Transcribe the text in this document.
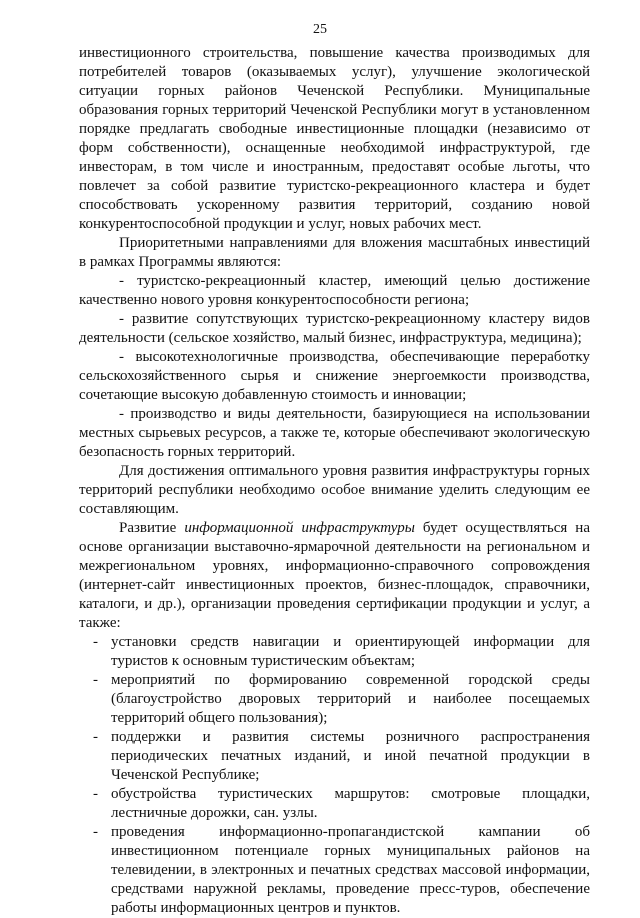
25

инвестиционного строительства, повышение качества производимых для потребителей товаров (оказываемых услуг), улучшение экологической ситуации горных районов Чеченской Республики. Муниципальные образования горных территорий Чеченской Республики могут в установленном порядке предлагать свободные инвестиционные площадки (независимо от форм собственности), оснащенные необходимой инфраструктурой, где инвесторам, в том числе и иностранным, предоставят особые льготы, что повлечет за собой развитие туристско-рекреационного кластера и будет способствовать ускоренному развития территорий, созданию новой конкурентоспособной продукции и услуг, новых рабочих мест.

Приоритетными направлениями для вложения масштабных инвестиций в рамках Программы являются:

- туристско-рекреационный кластер, имеющий целью достижение качественно нового уровня конкурентоспособности региона;

- развитие сопутствующих туристско-рекреационному кластеру видов деятельности (сельское хозяйство, малый бизнес, инфраструктура, медицина);

- высокотехнологичные производства, обеспечивающие переработку сельскохозяйственного сырья и снижение энергоемкости производства, сочетающие высокую добавленную стоимость и инновации;

- производство и виды деятельности, базирующиеся на использовании местных сырьевых ресурсов, а также те, которые обеспечивают экологическую безопасность горных территорий.

Для достижения оптимального уровня развития инфраструктуры горных территорий республики необходимо особое внимание уделить следующим ее составляющим.

Развитие информационной инфраструктуры будет осуществляться на основе организации выставочно-ярмарочной деятельности на региональном и межрегиональном уровнях, информационно-справочного сопровождения (интернет-сайт инвестиционных проектов, бизнес-площадок, справочники, каталоги, и др.), организации проведения сертификации продукции и услуг, а также:

- установки средств навигации и ориентирующей информации для туристов к основным туристическим объектам;
- мероприятий по формированию современной городской среды (благоустройство дворовых территорий и наиболее посещаемых территорий общего пользования);
- поддержки и развития системы розничного распространения периодических печатных изданий, и иной печатной продукции в Чеченской Республике;
- обустройства туристических маршрутов: смотровые площадки, лестничные дорожки, сан. узлы.
- проведения информационно-пропагандистской кампании об инвестиционном потенциале горных муниципальных районов на телевидении, в электронных и печатных средствах массовой информации, средствами наружной рекламы, проведение пресс-туров, обеспечение работы информационных центров и пунктов.
